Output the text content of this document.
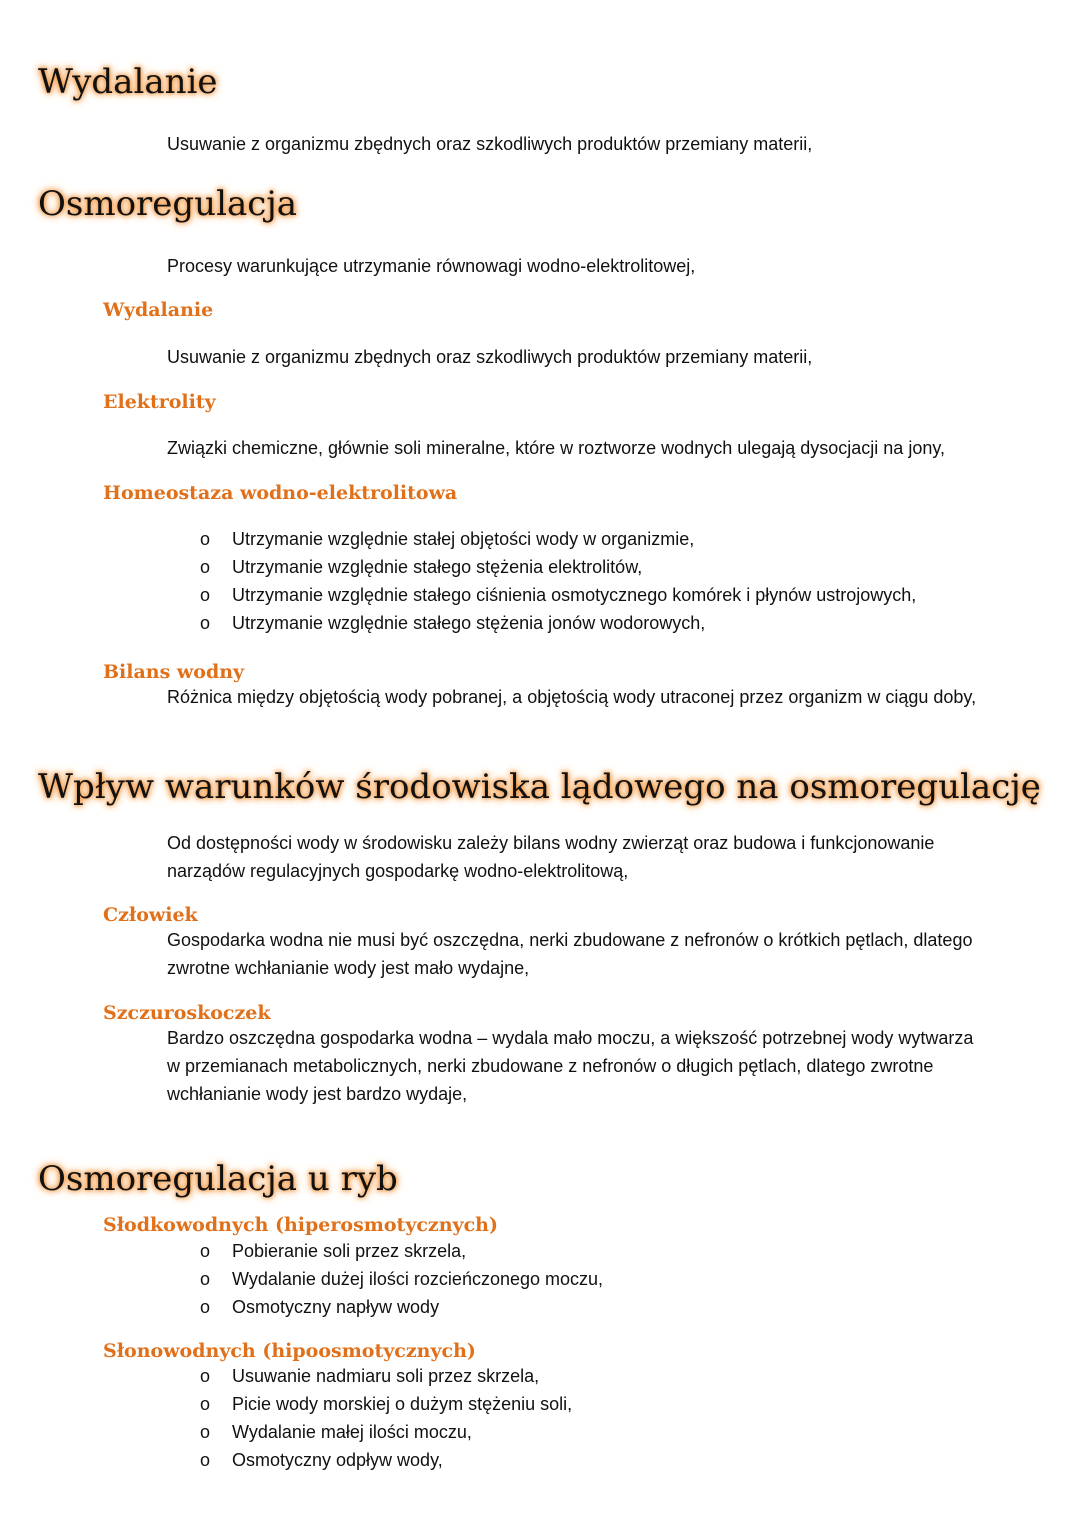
Wydalanie
Usuwanie z organizmu zbędnych oraz szkodliwych produktów przemiany materii,
Osmoregulacja
Procesy warunkujące utrzymanie równowagi wodno-elektrolitowej,
Wydalanie
Usuwanie z organizmu zbędnych oraz szkodliwych produktów przemiany materii,
Elektrolity
Związki chemiczne, głównie soli mineralne, które w roztworze wodnych ulegają dysocjacji na jony,
Homeostaza wodno-elektrolitowa
o Utrzymanie względnie stałej objętości wody w organizmie,
o Utrzymanie względnie stałego stężenia elektrolitów,
o Utrzymanie względnie stałego ciśnienia osmotycznego komórek i płynów ustrojowych,
o Utrzymanie względnie stałego stężenia jonów wodorowych,
Bilans wodny
Różnica między objętością wody pobranej, a objętością wody utraconej przez organizm w ciągu doby,
Wpływ warunków środowiska lądowego na osmoregulację
Od dostępności wody w środowisku zależy bilans wodny zwierząt oraz budowa i funkcjonowanie
narządów regulacyjnych gospodarkę wodno-elektrolitową,
Człowiek
Gospodarka wodna nie musi być oszczędna, nerki zbudowane z nefronów o krótkich pętlach, dlatego
zwrotne wchłanianie wody jest mało wydajne,
Szczuroskoczek
Bardzo oszczędna gospodarka wodna – wydala mało moczu, a większość potrzebnej wody wytwarza
w przemianach metabolicznych, nerki zbudowane z nefronów o długich pętlach, dlatego zwrotne
wchłanianie wody jest bardzo wydaje,
Osmoregulacja u ryb
Słodkowodnych (hiperosmotycznych)
o Pobieranie soli przez skrzela,
o Wydalanie dużej ilości rozcieńczonego moczu,
o Osmotyczny napływ wody
Słonowodnych (hipoosmotycznych)
o Usuwanie nadmiaru soli przez skrzela,
o Picie wody morskiej o dużym stężeniu soli,
o Wydalanie małej ilości moczu,
o Osmotyczny odpływ wody,
